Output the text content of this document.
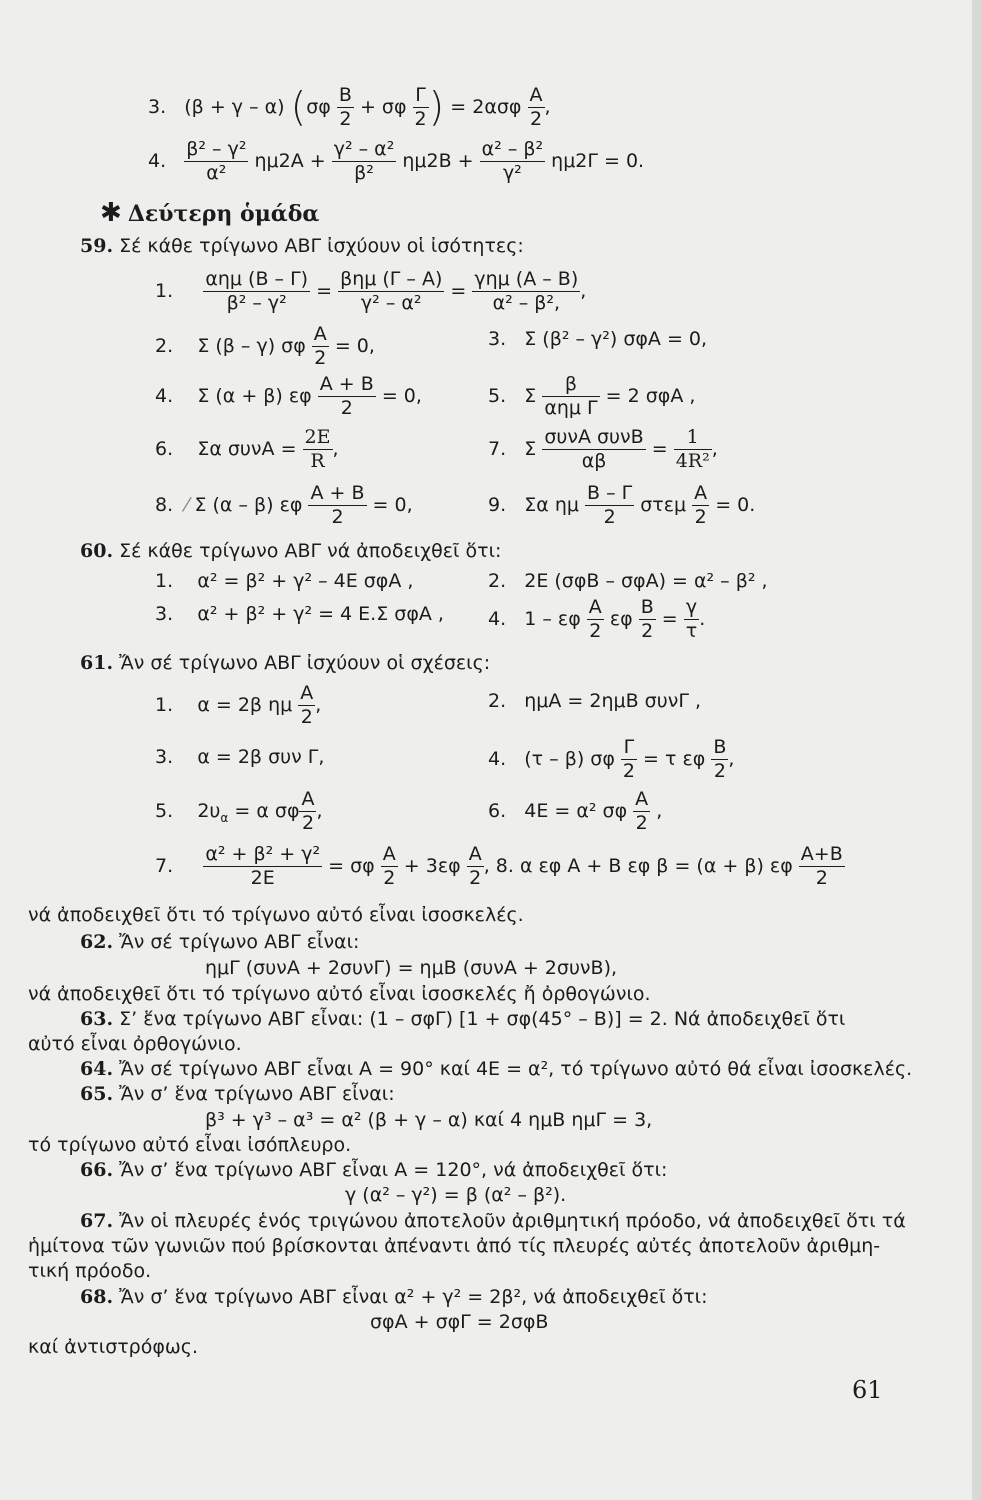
3. (β + γ – α) ($\sigma\varphi \frac{B}{2} + \sigma\varphi \frac{\Gamma}{2}$ ) = $2\alpha\sigma\varphi \frac{A}{2}$ ,
4. $\frac{\text{β² – γ²}}{\text{α²}} \eta\mu 2A + \frac{\text{γ² – α²}}{\text{β²}} \eta\mu 2B + \frac{\text{α² – β²}}{\text{γ²}} \eta\mu 2\Gamma = 0$.
✱ Δεύτερη ὁμάδα
59. Σέ κάθε τρίγωνο ΑΒΓ ἰσχύουν οἱ ἰσότητες:
1. $\frac{\text{αημ (Β – Γ)}}{\text{β² – γ²}} = \frac{\text{βημ (Γ – Α)}}{\text{γ² – α²}} = \frac{\text{γημ (Α – Β)}}{\text{α² – β²,}}$ ,
2. Σ (β – γ) σφ $\frac{A}{2} = 0$,	3. Σ (β² – γ²) σφA = 0,
4. Σ (α + β) εφ $\frac{A + B}{2} = 0$,	5. Σ $\frac{\beta}{\text{αημ Γ}} = 2$ σφA ,
6. Σα $\sigma\upsilon\nu A = \frac{2E}{R}$ ,	7. Σ $\frac{\text{συνA συνB}}{\alpha\beta} = \frac{1}{\text{4R²}}$ ,
8. ⁄ Σ (α – β) εφ $\frac{A + B}{2} = 0$,	9. Σα ημ $\frac{B - \Gamma}{2}$ στεμ $\frac{A}{2} = 0$.
60. Σέ κάθε τρίγωνο ΑΒΓ νά ἀποδειχθεῖ ὅτι:
1. α² = β² + γ² – 4E σφA ,	2. 2E (σφB – σφA) = α² – β² ,
3. α² + β² + γ² = 4 E.Σ σφA , 4. 1 – εφ $\frac{A}{2}$ εφ $\frac{B}{2} = \frac{\gamma}{\tau}$ .
61. Ἄν σέ τρίγωνο ΑΒΓ ἰσχύουν οἱ σχέσεις:
1. α = 2β ημ $\frac{A}{2}$ ,	2. ημA = 2ημB συνΓ ,
3. α = 2β συν Γ,	4. (τ – β) σφ $\frac{\Gamma}{2} = \tau$ εφ $\frac{B}{2}$ ,
5. $2\upsilon_\alpha = \alpha$ σφ $\frac{A}{2}$ ,	6. 4E = α² σφ $\frac{A}{2}$ ,
7. $\frac{\text{α² + β² + γ²}}{2E} = \sigma\varphi \frac{A}{2} + 3\varepsilon\varphi \frac{A}{2}$ , 8. α εφ A + B εφ β = (α + β) εφ $\frac{A+B}{2}$
νά ἀποδειχθεῖ ὅτι τό τρίγωνο αὐτό εἶναι ἰσοσκελές.
62. Ἄν σέ τρίγωνο ΑΒΓ εἶναι:
ημΓ (συνA + 2συνΓ) = ημB (συνA + 2συνB),
νά ἀποδειχθεῖ ὅτι τό τρίγωνο αὐτό εἶναι ἰσοσκελές ἤ ὀρθογώνιο.
63. Σ’ ἕνα τρίγωνο ΑΒΓ εἶναι: (1 – σφΓ) [1 + σφ(45° – B)] = 2. Νά ἀποδειχθεῖ ὅτι
αὐτό εἶναι ὀρθογώνιο.
64. Ἄν σέ τρίγωνο ΑΒΓ εἶναι A = 90° καί 4E = α², τό τρίγωνο αὐτό θά εἶναι ἰσοσκελές.
65. Ἄν σ’ ἕνα τρίγωνο ΑΒΓ εἶναι:
β³ + γ³ – α³ = α² (β + γ – α) καί 4 ημB ημΓ = 3,
τό τρίγωνο αὐτό εἶναι ἰσόπλευρο.
66. Ἄν σ’ ἕνα τρίγωνο ΑΒΓ εἶναι A = 120°, νά ἀποδειχθεῖ ὅτι:
γ (α² – γ²) = β (α² – β²).
67. Ἄν οἱ πλευρές ἑνός τριγώνου ἀποτελοῦν ἀριθμητική πρόοδο, νά ἀποδειχθεῖ ὅτι τά
ἡμίτονα τῶν γωνιῶν πού βρίσκονται ἀπέναντι ἀπό τίς πλευρές αὐτές ἀποτελοῦν ἀριθμη-
τική πρόοδο.
68. Ἄν σ’ ἕνα τρίγωνο ΑΒΓ εἶναι α² + γ² = 2β², νά ἀποδειχθεῖ ὅτι:
σφA + σφΓ = 2σφB
καί ἀντιστρόφως.
61
